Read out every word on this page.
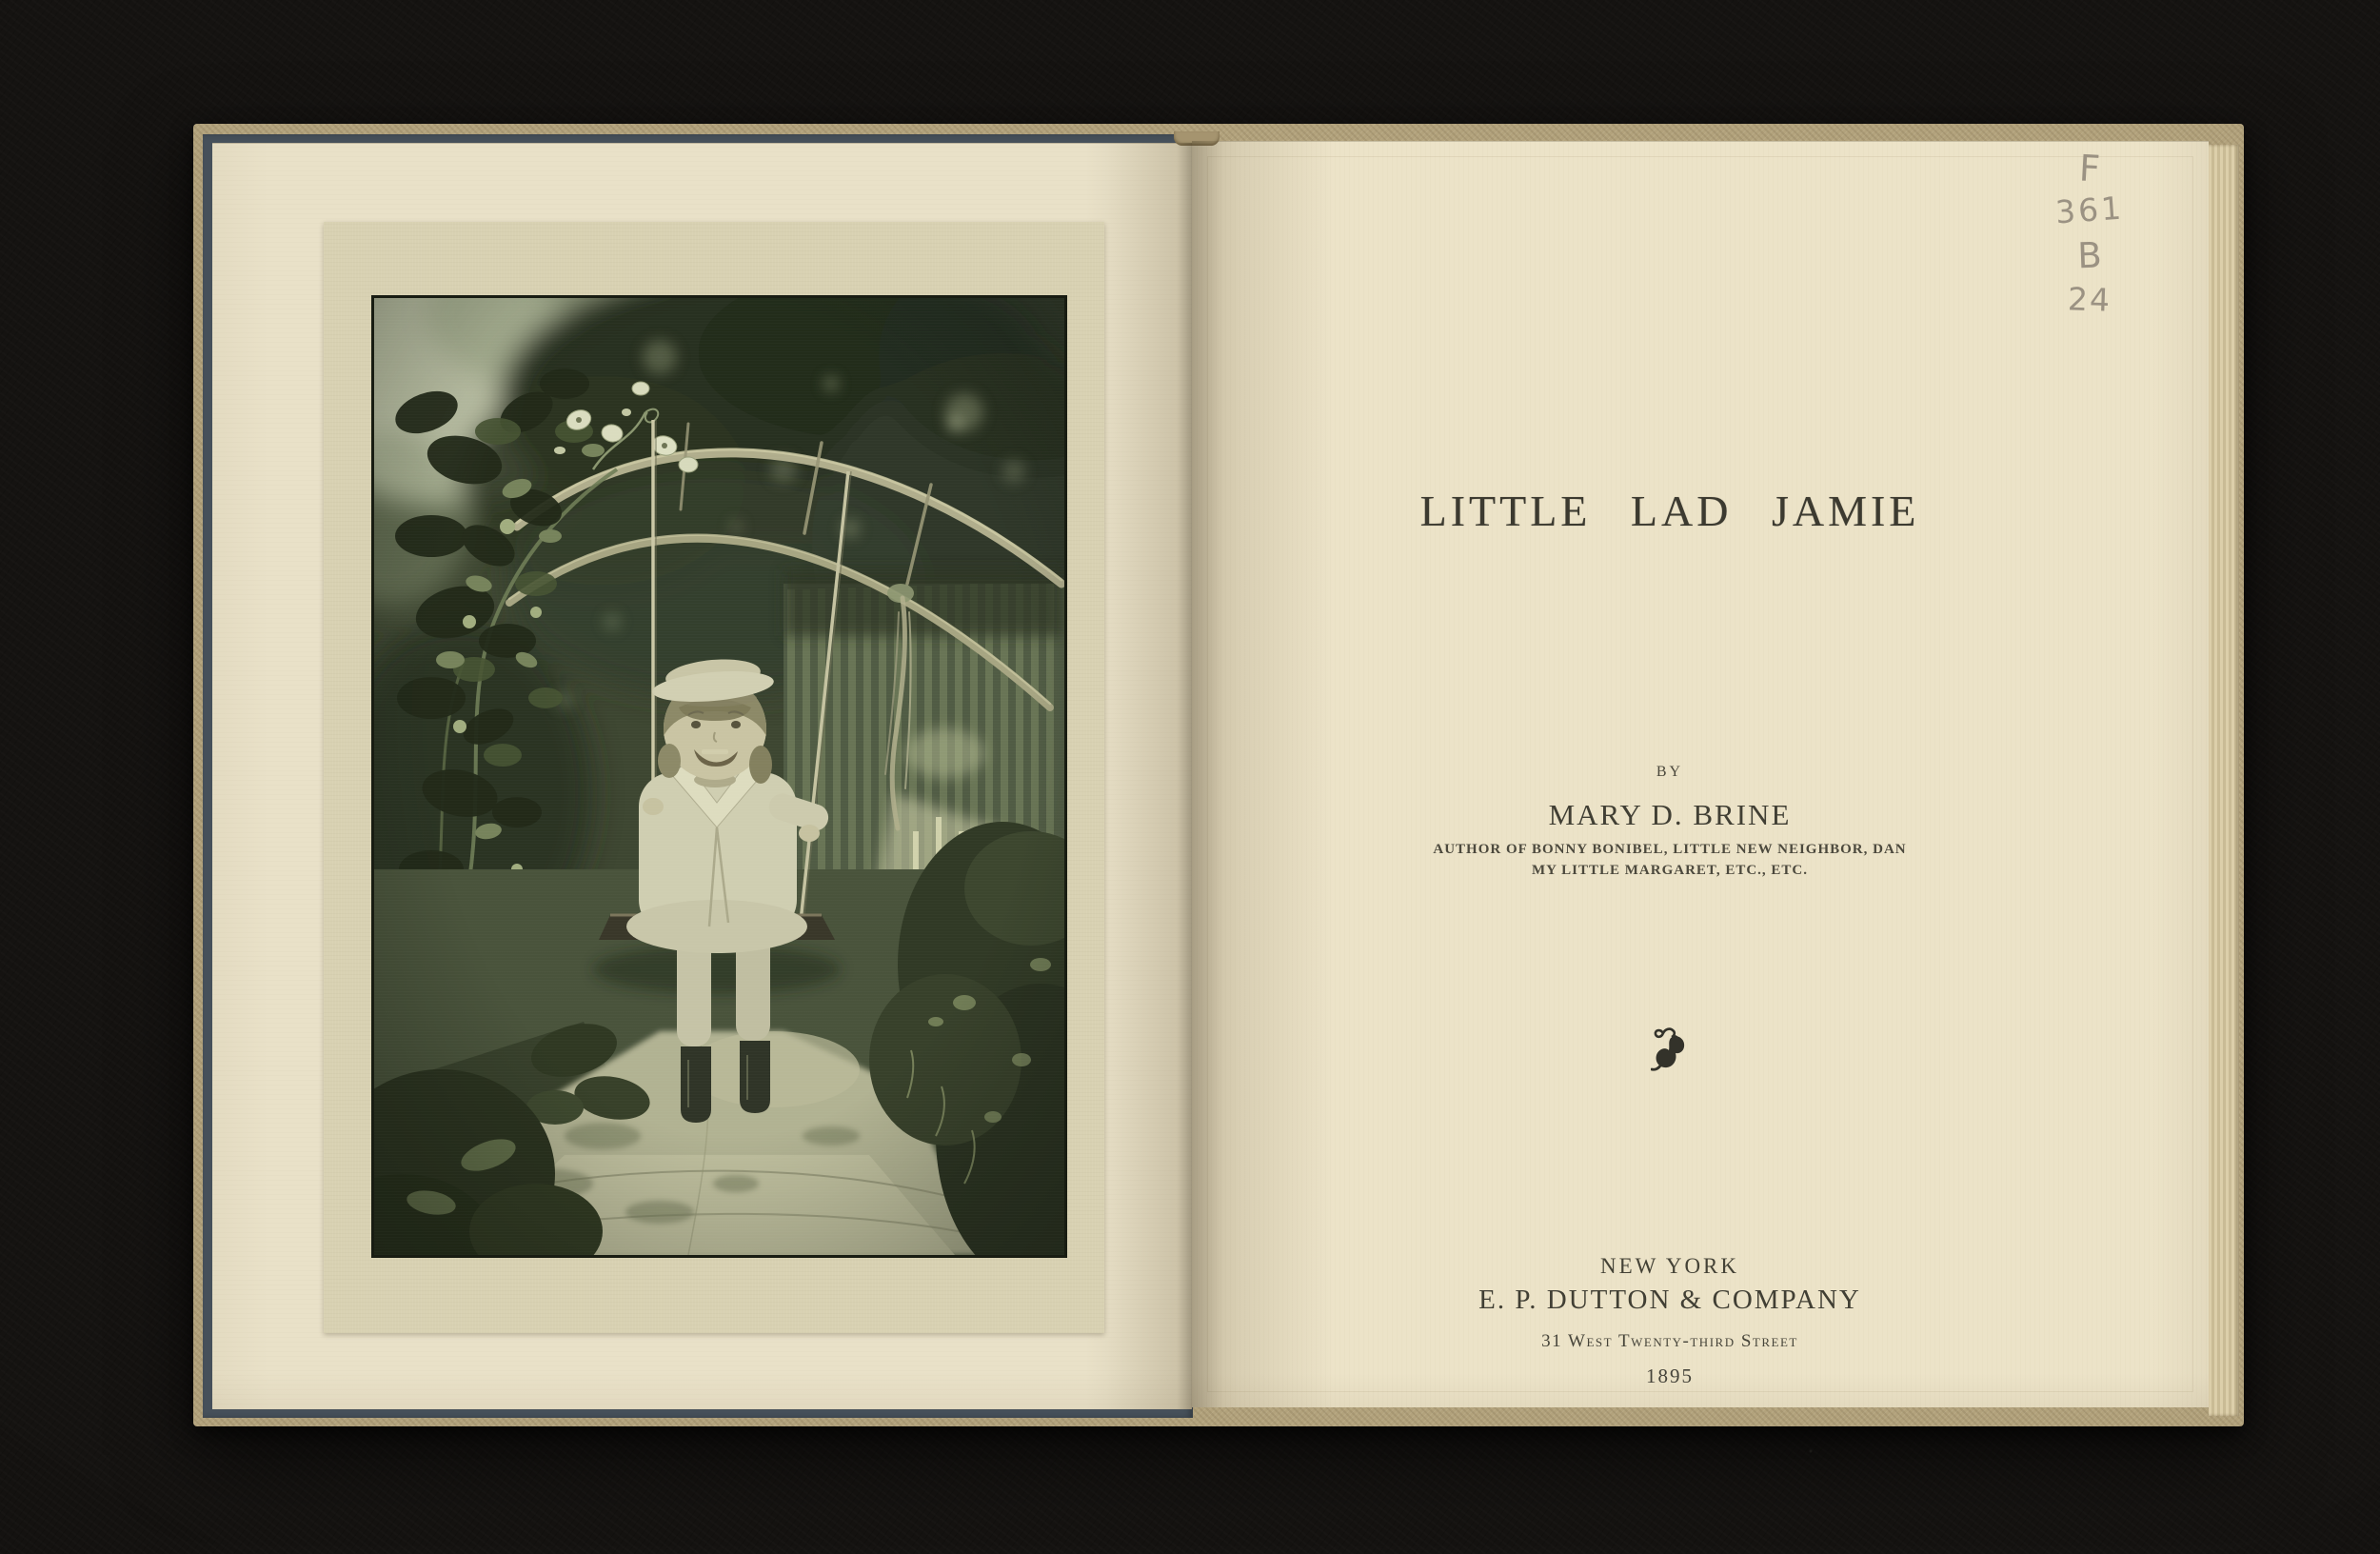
LITTLE LAD JAMIE
BY
MARY D. BRINE
AUTHOR OF BONNY BONIBEL, LITTLE NEW NEIGHBOR, DAN
MY LITTLE MARGARET, ETC., ETC.
NEW YORK
E. P. DUTTON & COMPANY
31 West Twenty-third Street
1895
F
361
B
24
